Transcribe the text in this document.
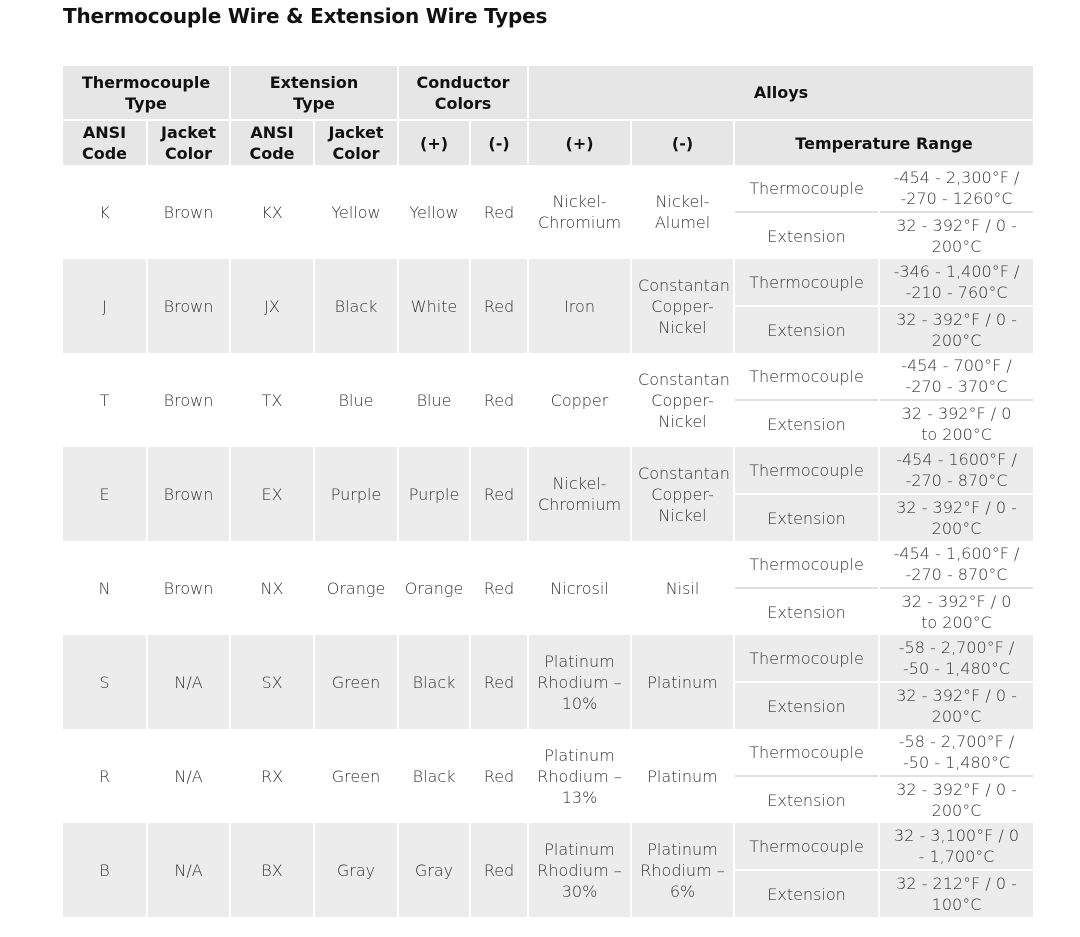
Thermocouple Wire & Extension Wire Types
Thermocouple Type		Extension Type		Conductor Colors		Alloys			
ANSI Code	Jacket Color	ANSI Code	Jacket Color	(+)	(-)	(+)	(-)	Temperature Range	
K	Brown	KX	Yellow	Yellow	Red	Nickel-Chromium	Nickel-Alumel	Thermocouple	-454 - 2,300°F / -270 - 1260°C
								Extension	32 - 392°F / 0 - 200°C
J	Brown	JX	Black	White	Red	Iron	Constantan Copper-Nickel	Thermocouple	-346 - 1,400°F / -210 - 760°C
								Extension	32 - 392°F / 0 - 200°C
T	Brown	TX	Blue	Blue	Red	Copper	Constantan Copper-Nickel	Thermocouple	-454 - 700°F / -270 - 370°C
								Extension	32 - 392°F / 0 to 200°C
E	Brown	EX	Purple	Purple	Red	Nickel-Chromium	Constantan Copper-Nickel	Thermocouple	-454 - 1600°F / -270 - 870°C
								Extension	32 - 392°F / 0 - 200°C
N	Brown	NX	Orange	Orange	Red	Nicrosil	Nisil	Thermocouple	-454 - 1,600°F / -270 - 870°C
								Extension	32 - 392°F / 0 to 200°C
S	N/A	SX	Green	Black	Red	Platinum Rhodium – 10%	Platinum	Thermocouple	-58 - 2,700°F / -50 - 1,480°C
								Extension	32 - 392°F / 0 - 200°C
R	N/A	RX	Green	Black	Red	Platinum Rhodium – 13%	Platinum	Thermocouple	-58 - 2,700°F / -50 - 1,480°C
								Extension	32 - 392°F / 0 - 200°C
B	N/A	BX	Gray	Gray	Red	Platinum Rhodium – 30%	Platinum Rhodium – 6%	Thermocouple	32 - 3,100°F / 0 - 1,700°C
								Extension	32 - 212°F / 0 - 100°C
